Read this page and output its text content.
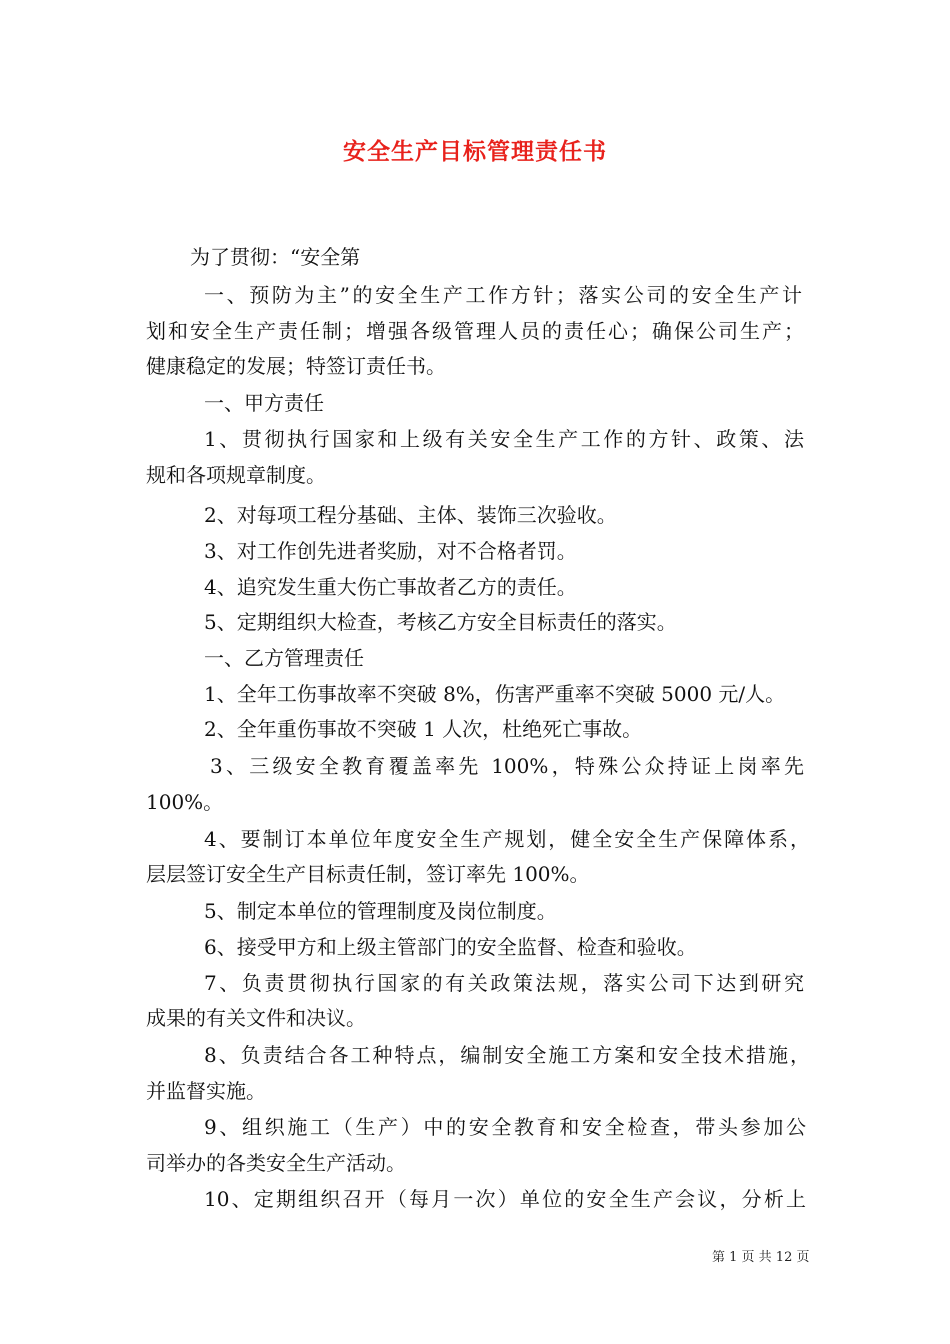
安全生产目标管理责任书
为了贯彻：“安全第
一、预防为主”的安全生产工作方针；落实公司的安全生产计
划和安全生产责任制；增强各级管理人员的责任心；确保公司生产；
健康稳定的发展；特签订责任书。
一、甲方责任
1、贯彻执行国家和上级有关安全生产工作的方针、政策、法
规和各项规章制度。
2、对每项工程分基础、主体、装饰三次验收。
3、对工作创先进者奖励，对不合格者罚。
4、追究发生重大伤亡事故者乙方的责任。
5、定期组织大检查，考核乙方安全目标责任的落实。
一、乙方管理责任
1、全年工伤事故率不突破 8%，伤害严重率不突破 5000 元/人。
2、全年重伤事故不突破 1 人次，杜绝死亡事故。
3、三级安全教育覆盖率先 100%，特殊公众持证上岗率先
100%。
4、要制订本单位年度安全生产规划，健全安全生产保障体系，
层层签订安全生产目标责任制，签订率先 100%。
5、制定本单位的管理制度及岗位制度。
6、接受甲方和上级主管部门的安全监督、检查和验收。
7、负责贯彻执行国家的有关政策法规，落实公司下达到研究
成果的有关文件和决议。
8、负责结合各工种特点，编制安全施工方案和安全技术措施，
并监督实施。
9、组织施工（生产）中的安全教育和安全检查，带头参加公
司举办的各类安全生产活动。
10、定期组织召开（每月一次）单位的安全生产会议，分析上
第 1 页 共 12 页
